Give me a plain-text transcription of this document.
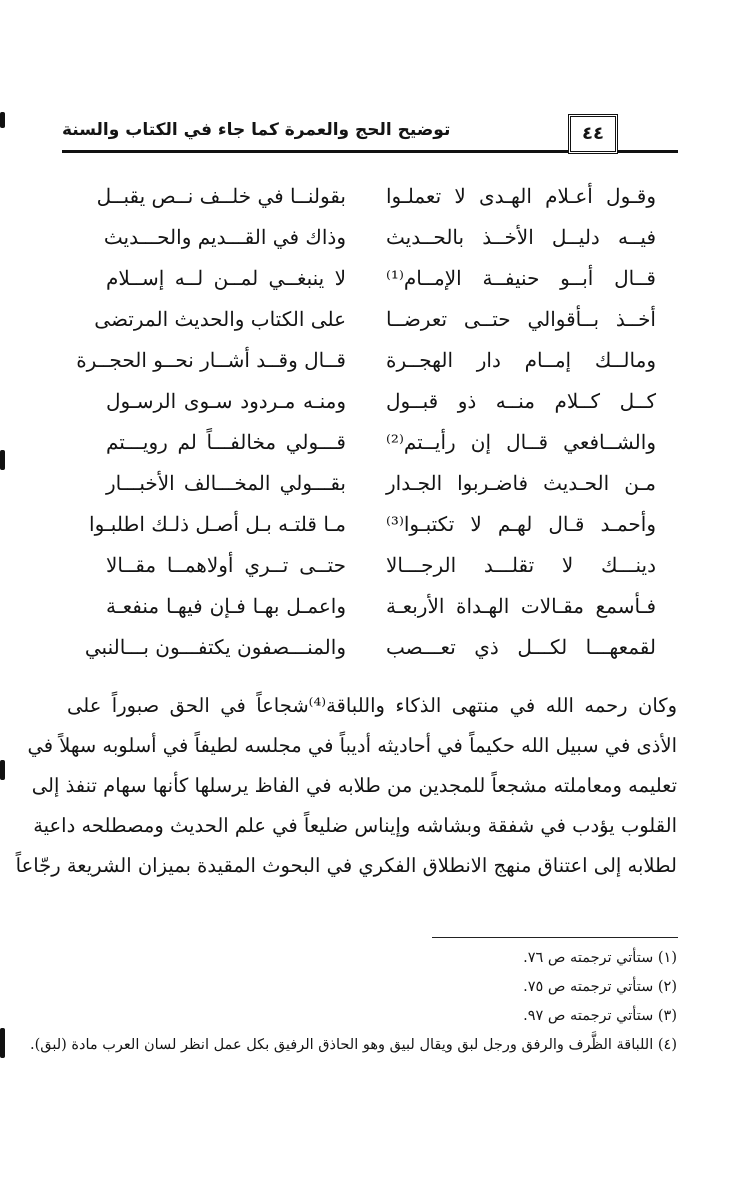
توضيح الحج والعمرة كما جاء في الكتاب والسنة	٤٤
وقـول أعـلام الهـدى لا تعملـوا
بقولنــا في خلــف نــص يقبــل
فيــه دليــل الأخــذ بالحــديث
وذاك في القـــديم والحـــديث
قــال أبــو حنيفــة الإمــام⁽¹⁾
لا ينبغــي لمــن لــه إســلام
أخــذ بــأقوالي حتــى تعرضــا
على الكتاب والحديث المرتضى
ومالــك إمــام دار الهجــرة
قــال وقــد أشــار نحــو الحجــرة
كــل كــلام منــه ذو قبــول
ومنـه مـردود سـوى الرسـول
والشــافعي قــال إن رأيــتم⁽²⁾
قـــولي مخالفـــاً لم رويـــتم
مـن الحـديث فاضـربوا الجـدار
بقـــولي المخـــالف الأخبـــار
وأحمـد قـال لهـم لا تكتبـوا⁽³⁾
مـا قلتـه بـل أصـل ذلـك اطلبـوا
دينـــك لا تقلـــد الرجـــالا
حتــى تــري أولاهمــا مقــالا
فـأسمع مقـالات الهـداة الأربعـة
واعمـل بهـا فـإن فيهـا منفعـة
لقمعهـــا لكـــل ذي تعـــصب
والمنـــصفون يكتفـــون بـــالنبي
وكان رحمه الله في منتهى الذكاء واللباقة⁽⁴⁾شجاعاً في الحق صبوراً على
الأذى في سبيل الله حكيماً في أحاديثه أديباً في مجلسه لطيفاً في أسلوبه سهلاً في
تعليمه ومعاملته مشجعاً للمجدين من طلابه في الفاظ يرسلها كأنها سهام تنفذ إلى
القلوب يؤدب في شفقة وبشاشه وإيناس ضليعاً في علم الحديث ومصطلحه داعية
لطلابه إلى اعتناق منهج الانطلاق الفكري في البحوث المقيدة بميزان الشريعة رجّاعاً
(١) ستأتي ترجمته ص ٧٦.
(٢) ستأتي ترجمته ص ٧٥.
(٣) ستأتي ترجمته ص ٩٧.
(٤) اللباقة الظَّرف والرفق ورجل لبق ويقال لبيق وهو الحاذق الرفيق بكل عمل انظر لسان العرب مادة (لبق).
